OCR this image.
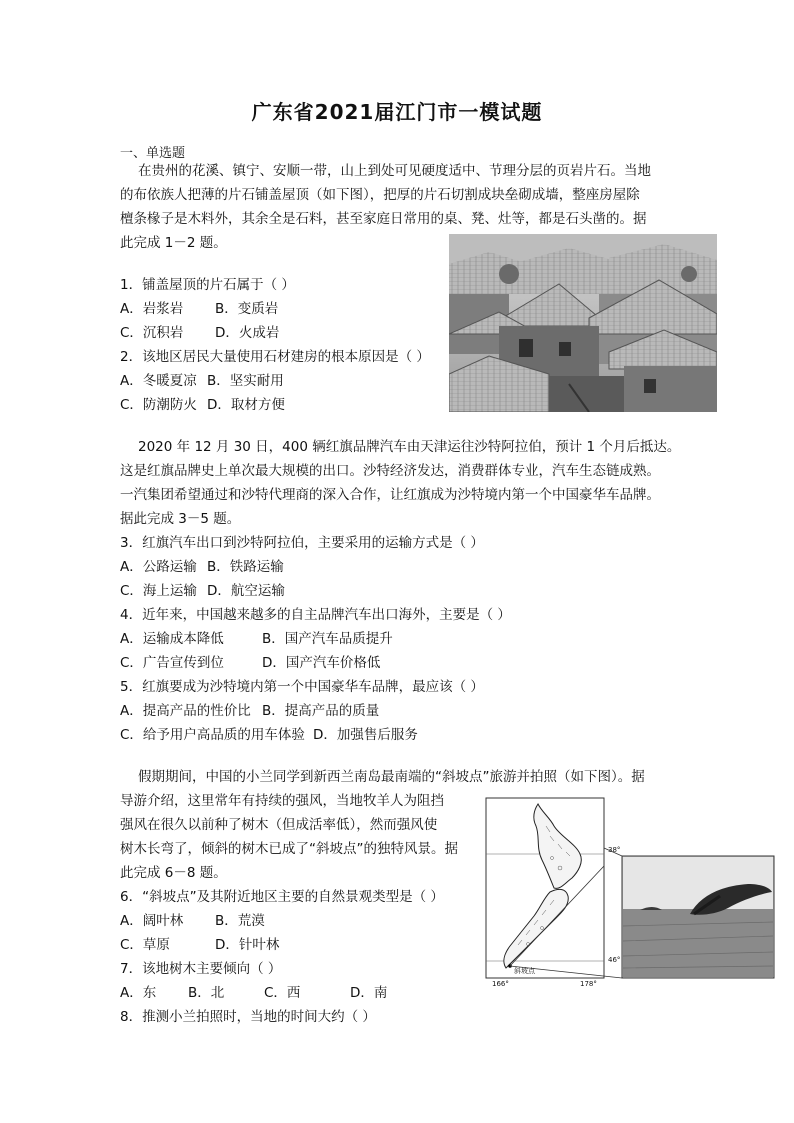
广东省2021届江门市一模试题
一、单选题
在贵州的花溪、镇宁、安顺一带，山上到处可见硬度适中、节理分层的页岩片石。当地
的布依族人把薄的片石铺盖屋顶（如下图），把厚的片石切割成块垒砌成墙，整座房屋除
檀条椽子是木料外，其余全是石料，甚至家庭日常用的桌、凳、灶等，都是石头凿的。据
此完成 1－2 题。
1．铺盖屋顶的片石属于（ ）
A．岩浆岩 B．变质岩
C．沉积岩 D．火成岩
2．该地区居民大量使用石材建房的根本原因是（ ）
A．冬暖夏凉 B．坚实耐用
C．防潮防火 D．取材方便
2020 年 12 月 30 日，400 辆红旗品牌汽车由天津运往沙特阿拉伯，预计 1 个月后抵达。
这是红旗品牌史上单次最大规模的出口。沙特经济发达，消费群体专业，汽车生态链成熟。
一汽集团希望通过和沙特代理商的深入合作，让红旗成为沙特境内第一个中国豪华车品牌。
据此完成 3－5 题。
3．红旗汽车出口到沙特阿拉伯，主要采用的运输方式是（ ）
A．公路运输 B．铁路运输
C．海上运输 D．航空运输
4．近年来，中国越来越多的自主品牌汽车出口海外，主要是（ ）
A．运输成本降低	B．国产汽车品质提升
C．广告宣传到位	D．国产汽车价格低
5．红旗要成为沙特境内第一个中国豪华车品牌，最应该（ ）
A．提高产品的性价比 B．提高产品的质量
C．给予用户高品质的用车体验 D．加强售后服务
假期期间，中国的小兰同学到新西兰南岛最南端的“斜坡点”旅游并拍照（如下图）。据
导游介绍，这里常年有持续的强风，当地牧羊人为阻挡
强风在很久以前种了树木（但成活率低），然而强风使
树木长弯了，倾斜的树木已成了“斜坡点”的独特风景。据
此完成 6－8 题。
6．“斜坡点”及其附近地区主要的自然景观类型是（ ）
A．阔叶林 B．荒漠
C．草原	D．针叶林
7．该地树木主要倾向（ ）
A．东 B．北	C．西	D．南
8．推测小兰拍照时，当地的时间大约（ ）
38°
46°
166°	178°
斜坡点
